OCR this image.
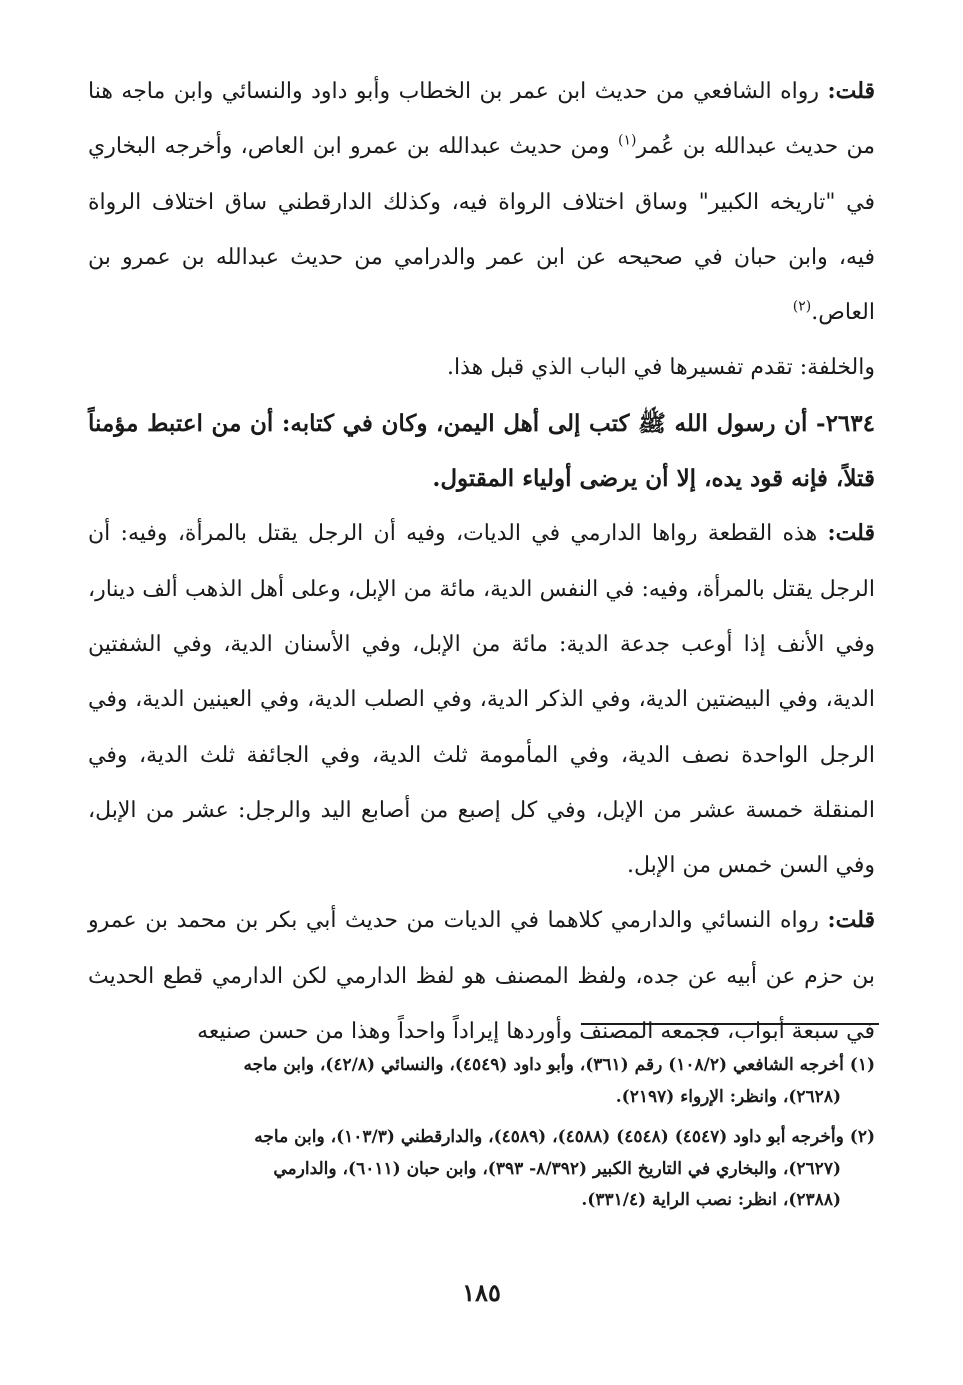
قلت: رواه الشافعي من حديث ابن عمر بن الخطاب وأبو داود والنسائي وابن ماجه هنا من حديث عبدالله بن عُمر$^{(١)}$ ومن حديث عبدالله بن عمرو ابن العاص، وأخرجه البخاري في "تاريخه الكبير" وساق اختلاف الرواة فيه، وكذلك الدارقطني ساق اختلاف الرواة فيه، وابن حبان في صحيحه عن ابن عمر والدرامي من حديث عبدالله بن عمرو بن العاص.$^{(٢)}$

والخلفة: تقدم تفسيرها في الباب الذي قبل هذا.

٢٦٣٤- أن رسول الله ﷺ كتب إلى أهل اليمن، وكان في كتابه: أن من اعتبط مؤمناً قتلاً، فإنه قود يده، إلا أن يرضى أولياء المقتول.

قلت: هذه القطعة رواها الدارمي في الديات، وفيه أن الرجل يقتل بالمرأة، وفيه: أن الرجل يقتل بالمرأة، وفيه: في النفس الدية، مائة من الإبل، وعلى أهل الذهب ألف دينار، وفي الأنف إذا أوعب جدعة الدية: مائة من الإبل، وفي الأسنان الدية، وفي الشفتين الدية، وفي البيضتين الدية، وفي الذكر الدية، وفي الصلب الدية، وفي العينين الدية، وفي الرجل الواحدة نصف الدية، وفي المأمومة ثلث الدية، وفي الجائفة ثلث الدية، وفي المنقلة خمسة عشر من الإبل، وفي كل إصبع من أصابع اليد والرجل: عشر من الإبل، وفي السن خمس من الإبل.

قلت: رواه النسائي والدارمي كلاهما في الديات من حديث أبي بكر بن محمد بن عمرو بن حزم عن أبيه عن جده، ولفظ المصنف هو لفظ الدارمي لكن الدارمي قطع الحديث في سبعة أبواب، فجمعه المصنف وأوردها إيراداً واحداً وهذا من حسن صنيعه

(١) أخرجه الشافعي (١٠٨/٢) رقم (٣٦١)، وأبو داود (٤٥٤٩)، والنسائي (٤٢/٨)، وابن ماجه
(٢٦٢٨)، وانظر: الإرواء (٢١٩٧).

(٢) وأخرجه أبو داود (٤٥٤٧) (٤٥٤٨) (٤٥٨٨)، (٤٥٨٩)، والدارقطني (١٠٣/٣)، وابن ماجه
(٢٦٢٧)، والبخاري في التاريخ الكبير (٨/٣٩٢- ٣٩٣)، وابن حبان (٦٠١١)، والدارمي
(٢٣٨٨)، انظر: نصب الراية (٣٣١/٤).

١٨٥
